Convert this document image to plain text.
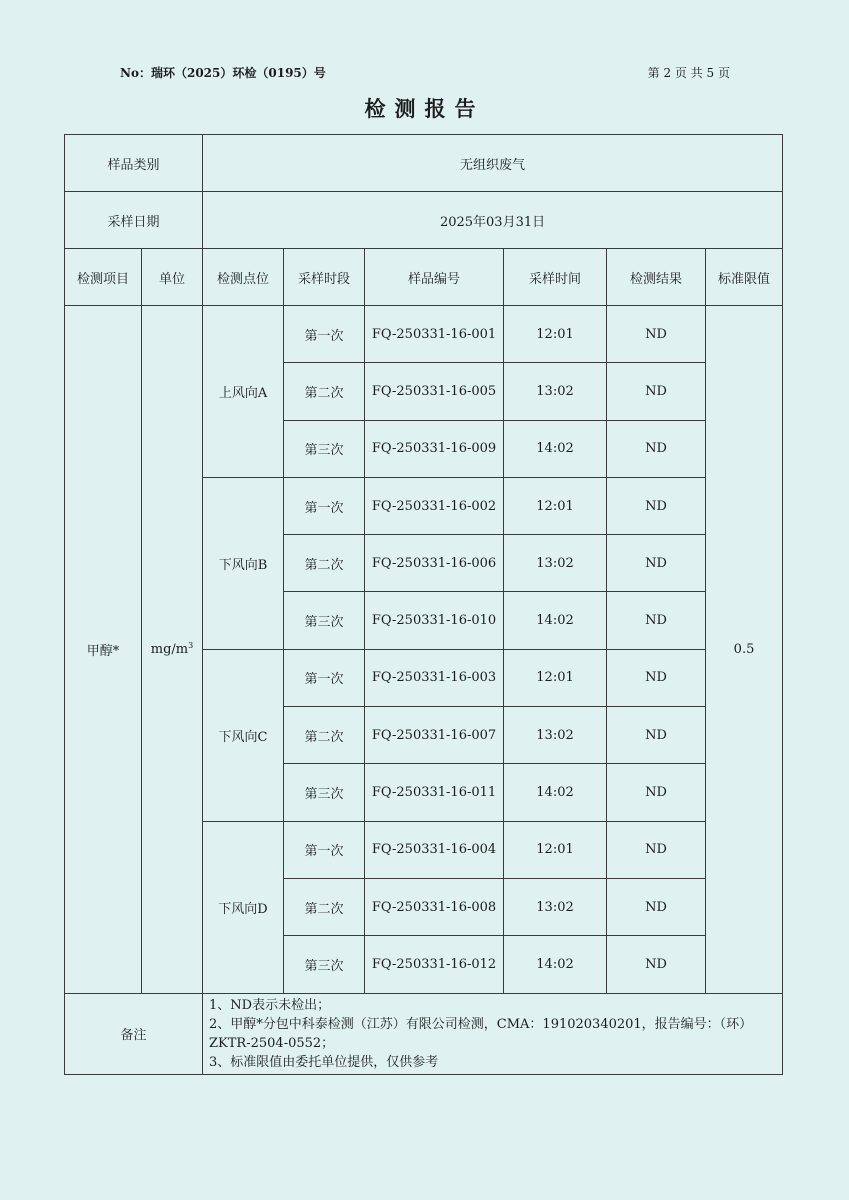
No：瑞环（2025）环检（0195）号	第 2 页 共 5 页
检测报告
样品类别		无组织废气					
采样日期		2025年03月31日					
检测项目	单位	检测点位	采样时段	样品编号	采样时间	检测结果	标准限值
甲醇*	$mg/m^3$	上风向A	第一次	FQ-250331-16-001	12:01	ND	0.5
			第二次	FQ-250331-16-005	13:02	ND	
			第三次	FQ-250331-16-009	14:02	ND	
		下风向B	第一次	FQ-250331-16-002	12:01	ND	
			第二次	FQ-250331-16-006	13:02	ND	
			第三次	FQ-250331-16-010	14:02	ND	
		下风向C	第一次	FQ-250331-16-003	12:01	ND	
			第二次	FQ-250331-16-007	13:02	ND	
			第三次	FQ-250331-16-011	14:02	ND	
		下风向D	第一次	FQ-250331-16-004	12:01	ND	
			第二次	FQ-250331-16-008	13:02	ND	
			第三次	FQ-250331-16-012	14:02	ND	
备注		1、ND表示未检出；
2、甲醇*分包中科泰检测（江苏）有限公司检测，CMA：191020340201，报告编号：（环）ZKTR-2504-0552；
3、标准限值由委托单位提供，仅供参考					
